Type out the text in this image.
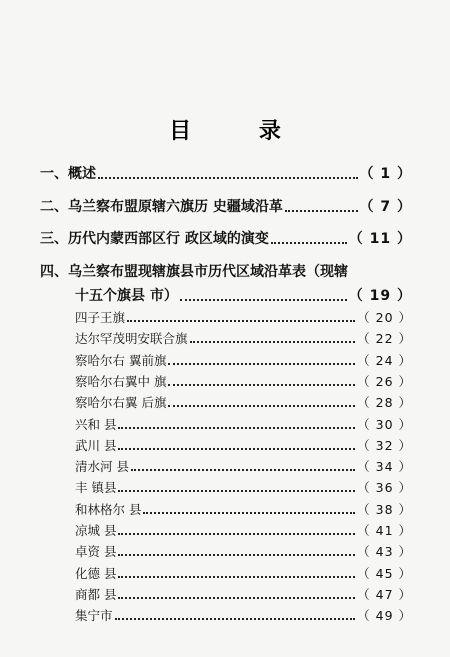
目 录
一、 概述	（ 1 ）
二、 乌兰察布盟原辖六旗历 史疆域沿革	（ 7 ）
三、 历代内蒙西部区行 政区域的演变	（ 11 ）
四、 乌兰察布盟现辖旗县市历代区域沿革表（现辖
十五个旗县 市）	（ 19 ）
四子王旗	（ 20 ）
达尔罕茂明安联合旗	（ 22 ）
察哈尔右 翼前旗	（ 24 ）
察哈尔右翼中 旗	（ 26 ）
察哈尔右翼 后旗	（ 28 ）
兴和 县	（ 30 ）
武川 县	（ 32 ）
清水河 县	（ 34 ）
丰 镇县	（ 36 ）
和林格尔 县	（ 38 ）
凉城 县	（ 41 ）
卓资 县	（ 43 ）
化德 县	（ 45 ）
商都 县	（ 47 ）
集宁市	（ 49 ）
